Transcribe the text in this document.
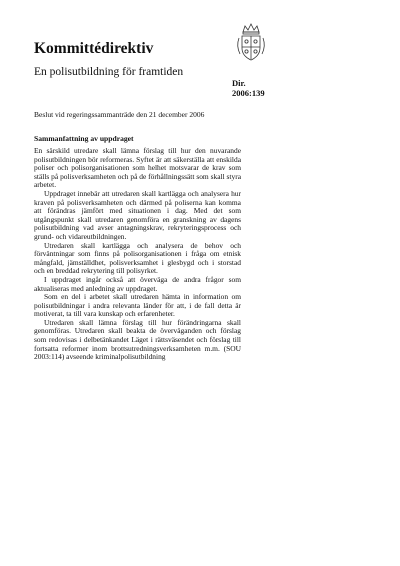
Kommittédirektiv
En polisutbildning för framtiden
Dir.
2006:139
Beslut vid regeringssammanträde den 21 december 2006
Sammanfattning av uppdraget

En särskild utredare skall lämna förslag till hur den nuvarande polisutbildningen bör reformeras. Syftet är att säkerställa att enskilda poliser och polisorganisationen som helhet motsvarar de krav som ställs på polisverksamheten och på de förhållningssätt som skall styra arbetet.

Uppdraget innebär att utredaren skall kartlägga och analysera hur kraven på polisverksamheten och därmed på poliserna kan komma att förändras jämfört med situationen i dag. Med det som utgångspunkt skall utredaren genomföra en granskning av dagens polisutbildning vad avser antagningskrav, rekryteringsprocess och grund- och vidareutbildningen.

Utredaren skall kartlägga och analysera de behov och förväntningar som finns på polisorganisationen i fråga om etnisk mångfald, jämställdhet, polisverksamhet i glesbygd och i storstad och en breddad rekrytering till polisyrket.

I uppdraget ingår också att överväga de andra frågor som aktualiseras med anledning av uppdraget.

Som en del i arbetet skall utredaren hämta in information om polisutbildningar i andra relevanta länder för att, i de fall detta är motiverat, ta till vara kunskap och erfarenheter.

Utredaren skall lämna förslag till hur förändringarna skall genomföras. Utredaren skall beakta de överväganden och förslag som redovisas i delbetänkandet Läget i rättsväsendet och förslag till fortsatta reformer inom brottsutredningsverksamheten m.m. (SOU 2003:114) avseende kriminalpolisutbildning
